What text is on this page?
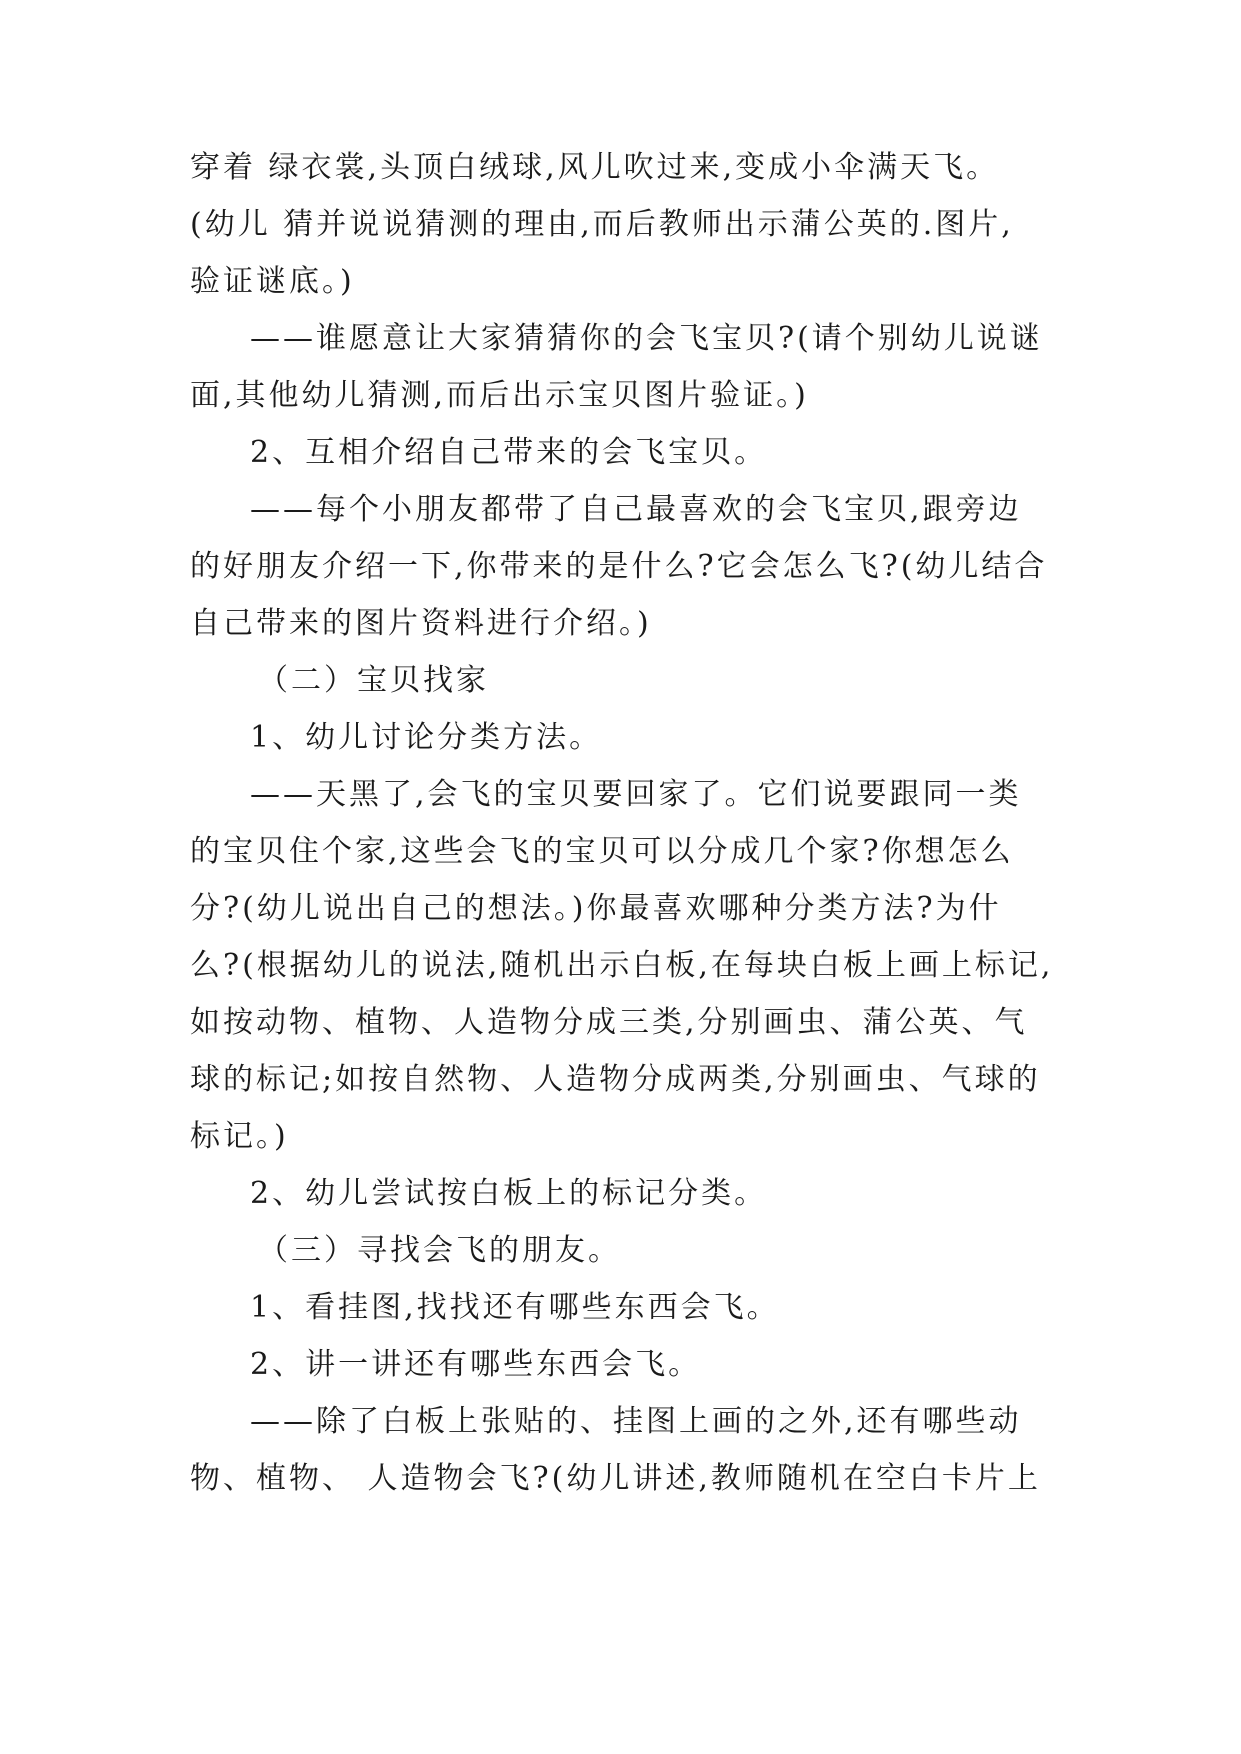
穿着 绿衣裳,头顶白绒球,风儿吹过来,变成小伞满天飞。
(幼儿 猜并说说猜测的理由,而后教师出示蒲公英的.图片,
验证谜底。)
——谁愿意让大家猜猜你的会飞宝贝?(请个别幼儿说谜
面,其他幼儿猜测,而后出示宝贝图片验证。)
2、互相介绍自己带来的会飞宝贝。
——每个小朋友都带了自己最喜欢的会飞宝贝,跟旁边
的好朋友介绍一下,你带来的是什么?它会怎么飞?(幼儿结合
自己带来的图片资料进行介绍。)
（二）宝贝找家
1、幼儿讨论分类方法。
——天黑了,会飞的宝贝要回家了。它们说要跟同一类
的宝贝住个家,这些会飞的宝贝可以分成几个家?你想怎么
分?(幼儿说出自己的想法。)你最喜欢哪种分类方法?为什
么?(根据幼儿的说法,随机出示白板,在每块白板上画上标记,
如按动物、植物、人造物分成三类,分别画虫、蒲公英、气
球的标记;如按自然物、人造物分成两类,分别画虫、气球的
标记。)
2、幼儿尝试按白板上的标记分类。
（三）寻找会飞的朋友。
1、看挂图,找找还有哪些东西会飞。
2、讲一讲还有哪些东西会飞。
——除了白板上张贴的、挂图上画的之外,还有哪些动
物、植物、 人造物会飞?(幼儿讲述,教师随机在空白卡片上
